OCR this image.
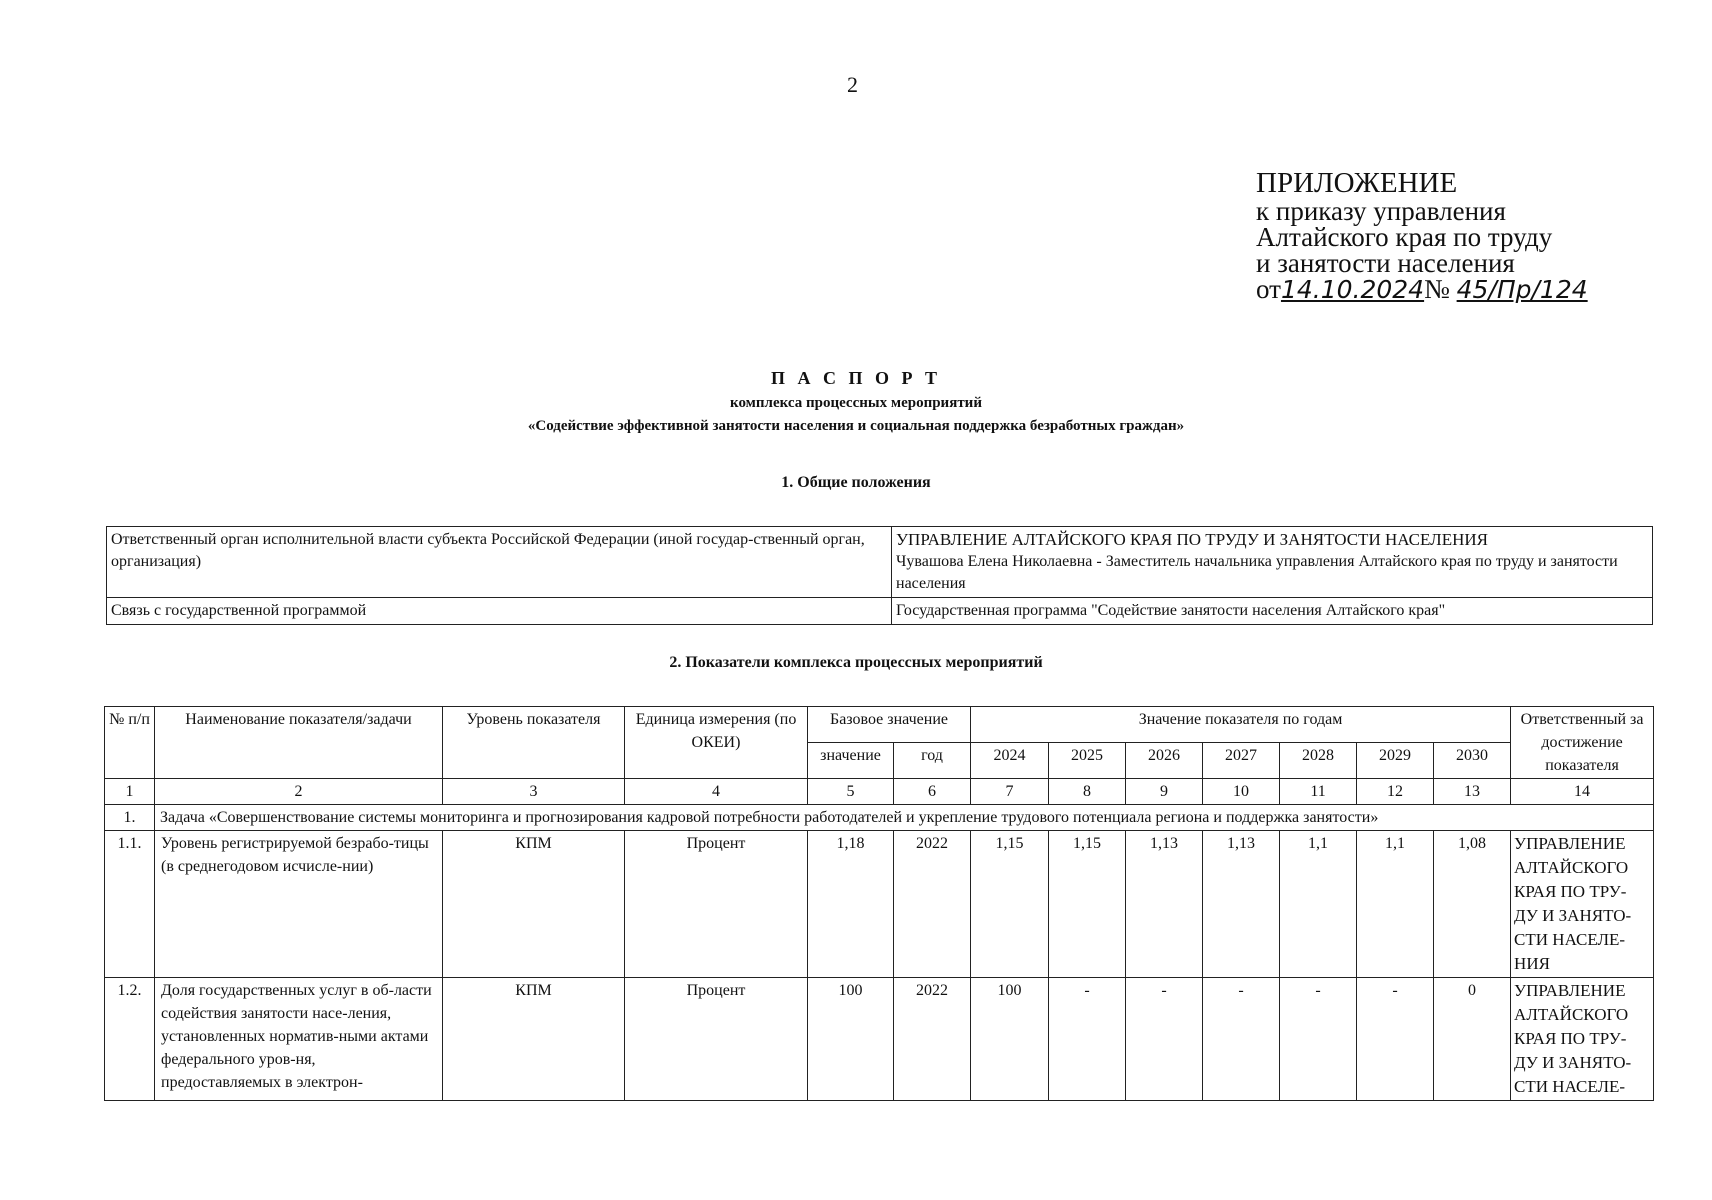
2
ПРИЛОЖЕНИЕ
к приказу управления
Алтайского края по труду
и занятости населения
от14.10.2024№ 45/Пр/124
П А С П О Р Т
комплекса процессных мероприятий
«Содействие эффективной занятости населения и социальная поддержка безработных граждан»
1. Общие положения
Ответственный орган исполнительной власти субъекта Российской Федерации (иной государ-ственный орган, организация)	УПРАВЛЕНИЕ АЛТАЙСКОГО КРАЯ ПО ТРУДУ И ЗАНЯТОСТИ НАСЕЛЕНИЯ
Чувашова Елена Николаевна - Заместитель начальника управления Алтайского края по труду и занятости населения

Связь с государственной программой	Государственная программа "Содействие занятости населения Алтайского края"
2. Показатели комплекса процессных мероприятий
№ п/п	Наименование показателя/задачи	Уровень показателя	Единица измерения (по ОКЕИ)	Базовое значение		Значение показателя по годам							Ответственный за достижение показателя
				значение	год	2024	2025	2026	2027	2028	2029	2030	
1	2	3	4	5	6	7	8	9	10	11	12	13	14
1.	Задача «Совершенствование системы мониторинга и прогнозирования кадровой потребности работодателей и укрепление трудового потенциала региона и поддержка занятости»												
1.1.	Уровень регистрируемой безрабо-тицы (в среднегодовом исчисле-нии)	КПМ	Процент	1,18	2022	1,15	1,15	1,13	1,13	1,1	1,1	1,08	УПРАВЛЕНИЕ АЛТАЙСКОГО КРАЯ ПО ТРУ-ДУ И ЗАНЯТО-СТИ НАСЕЛЕ-НИЯ
1.2.	Доля государственных услуг в об-ласти содействия занятости насе-ления, установленных норматив-ными актами федерального уров-ня, предоставляемых в электрон-	КПМ	Процент	100	2022	100	-	-	-	-	-	0	УПРАВЛЕНИЕ АЛТАЙСКОГО КРАЯ ПО ТРУ-ДУ И ЗАНЯТО-СТИ НАСЕЛЕ-
